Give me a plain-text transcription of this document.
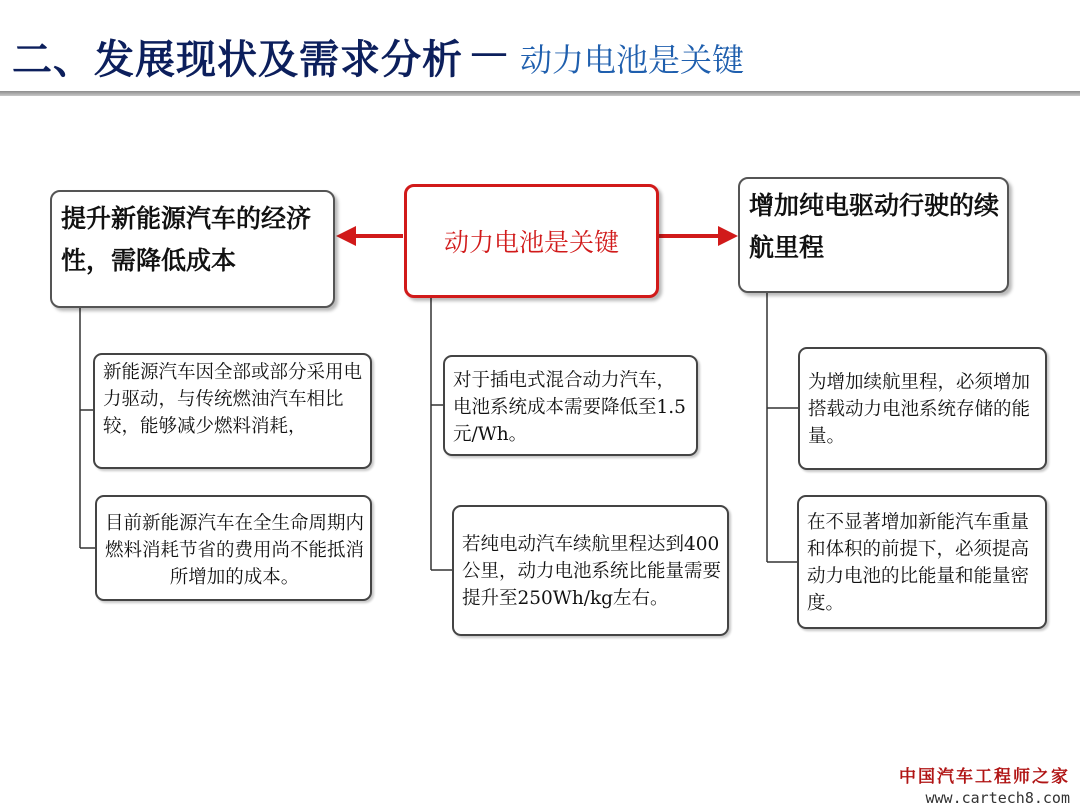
二、发展现状及需求分析 — 动力电池是关键
提升新能源汽车的经济性，需降低成本
动力电池是关键
增加纯电驱动行驶的续航里程
新能源汽车因全部或部分采用电力驱动，与传统燃油汽车相比较，能够减少燃料消耗，
目前新能源汽车在全生命周期内燃料消耗节省的费用尚不能抵消所增加的成本。
对于插电式混合动力汽车，电池系统成本需要降低至1.5元/Wh。
若纯电动汽车续航里程达到400公里，动力电池系统比能量需要提升至250Wh/kg左右。
为增加续航里程，必须增加搭载动力电池系统存储的能量。
在不显著增加新能汽车重量和体积的前提下，必须提高动力电池的比能量和能量密度。
中国汽车工程师之家
www.cartech8.com
